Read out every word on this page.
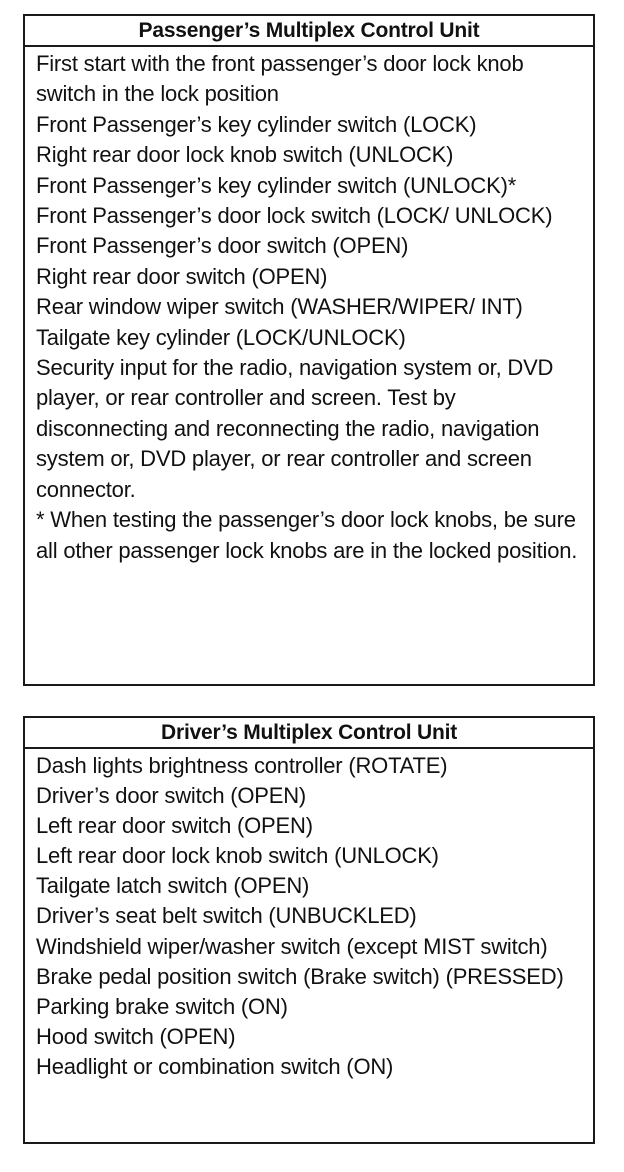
Passenger’s Multiplex Control Unit
First start with the front passenger’s door lock knob switch in the lock position
Front Passenger’s key cylinder switch (LOCK)
Right rear door lock knob switch (UNLOCK)
Front Passenger’s key cylinder switch (UNLOCK)*
Front Passenger’s door lock switch (LOCK/ UNLOCK)
Front Passenger’s door switch (OPEN)
Right rear door switch (OPEN)
Rear window wiper switch (WASHER/WIPER/ INT)
Tailgate key cylinder (LOCK/UNLOCK)
Security input for the radio, navigation system or, DVD player, or rear controller and screen. Test by disconnecting and reconnecting the radio, navigation system or, DVD player, or rear controller and screen connector.
* When testing the passenger’s door lock knobs, be sure all other passenger lock knobs are in the locked position.
Driver’s Multiplex Control Unit
Dash lights brightness controller (ROTATE)
Driver’s door switch (OPEN)
Left rear door switch (OPEN)
Left rear door lock knob switch (UNLOCK)
Tailgate latch switch (OPEN)
Driver’s seat belt switch (UNBUCKLED)
Windshield wiper/washer switch (except MIST switch)
Brake pedal position switch (Brake switch) (PRESSED)
Parking brake switch (ON)
Hood switch (OPEN)
Headlight or combination switch (ON)
